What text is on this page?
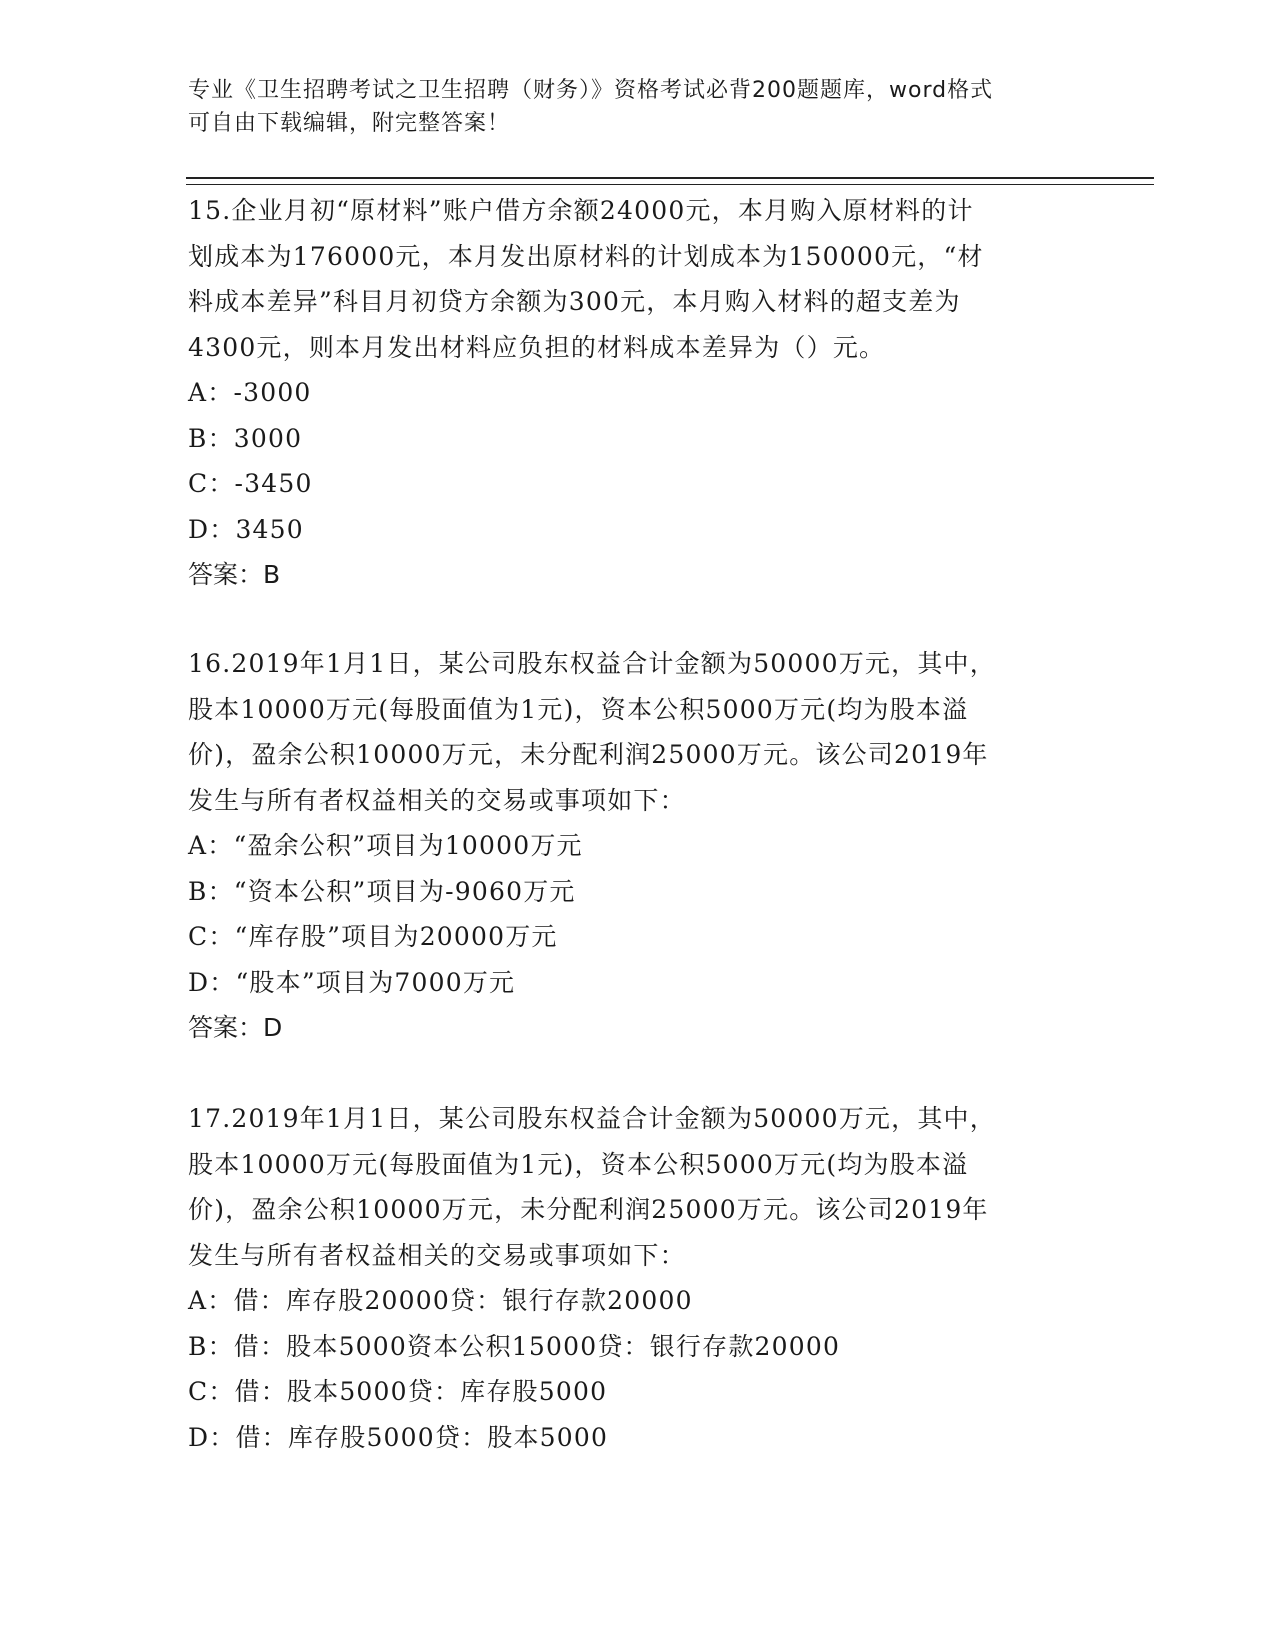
专业《卫生招聘考试之卫生招聘（财务）》资格考试必背200题题库，word格式
可自由下载编辑，附完整答案！
15.企业月初“原材料”账户借方余额24000元，本月购入原材料的计
划成本为176000元，本月发出原材料的计划成本为150000元，“材
料成本差异”科目月初贷方余额为300元，本月购入材料的超支差为
4300元，则本月发出材料应负担的材料成本差异为（）元。
A：-3000
B：3000
C：-3450
D：3450
答案：B
16.2019年1月1日，某公司股东权益合计金额为50000万元，其中，
股本10000万元(每股面值为1元)，资本公积5000万元(均为股本溢
价)，盈余公积10000万元，未分配利润25000万元。该公司2019年
发生与所有者权益相关的交易或事项如下：
A：“盈余公积”项目为10000万元
B：“资本公积”项目为-9060万元
C：“库存股”项目为20000万元
D：“股本”项目为7000万元
答案：D
17.2019年1月1日，某公司股东权益合计金额为50000万元，其中，
股本10000万元(每股面值为1元)，资本公积5000万元(均为股本溢
价)，盈余公积10000万元，未分配利润25000万元。该公司2019年
发生与所有者权益相关的交易或事项如下：
A：借：库存股20000贷：银行存款20000
B：借：股本5000资本公积15000贷：银行存款20000
C：借：股本5000贷：库存股5000
D：借：库存股5000贷：股本5000
